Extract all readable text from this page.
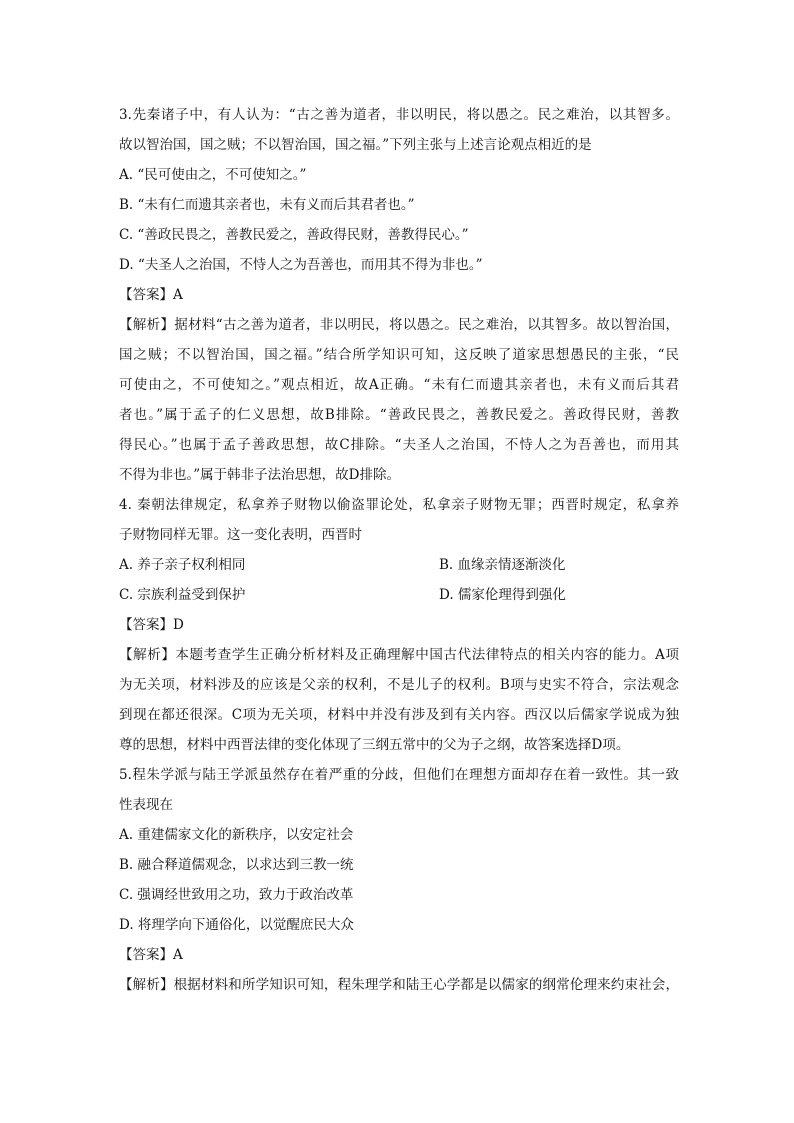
3.先秦诸子中，有人认为：“古之善为道者，非以明民，将以愚之。民之难治，以其智多。
故以智治国，国之贼；不以智治国，国之福。”下列主张与上述言论观点相近的是
A. “民可使由之，不可使知之。”
B. “未有仁而遗其亲者也，未有义而后其君者也。”
C. “善政民畏之，善教民爱之，善政得民财，善教得民心。”
D. “夫圣人之治国，不恃人之为吾善也，而用其不得为非也。”
【答案】A
【解析】据材料“古之善为道者，非以明民，将以愚之。民之难治，以其智多。故以智治国，
国之贼；不以智治国，国之福。”结合所学知识可知，这反映了道家思想愚民的主张，“民
可使由之，不可使知之。”观点相近，故A正确。“未有仁而遗其亲者也，未有义而后其君
者也。”属于孟子的仁义思想，故B排除。“善政民畏之，善教民爱之。善政得民财，善教
得民心。”也属于孟子善政思想，故C排除。“夫圣人之治国，不恃人之为吾善也，而用其
不得为非也。”属于韩非子法治思想，故D排除。
4. 秦朝法律规定，私拿养子财物以偷盗罪论处，私拿亲子财物无罪；西晋时规定，私拿养
子财物同样无罪。这一变化表明，西晋时
A. 养子亲子权利相同	B. 血缘亲情逐渐淡化
C. 宗族利益受到保护	D. 儒家伦理得到强化
【答案】D
【解析】本题考查学生正确分析材料及正确理解中国古代法律特点的相关内容的能力。A项
为无关项，材料涉及的应该是父亲的权利，不是儿子的权利。B项与史实不符合，宗法观念
到现在都还很深。C项为无关项，材料中并没有涉及到有关内容。西汉以后儒家学说成为独
尊的思想，材料中西晋法律的变化体现了三纲五常中的父为子之纲，故答案选择D项。
5.程朱学派与陆王学派虽然存在着严重的分歧，但他们在理想方面却存在着一致性。其一致
性表现在
A. 重建儒家文化的新秩序，以安定社会
B. 融合释道儒观念，以求达到三教一统
C. 强调经世致用之功，致力于政治改革
D. 将理学向下通俗化，以觉醒庶民大众
【答案】A
【解析】根据材料和所学知识可知，程朱理学和陆王心学都是以儒家的纲常伦理来约束社会，
